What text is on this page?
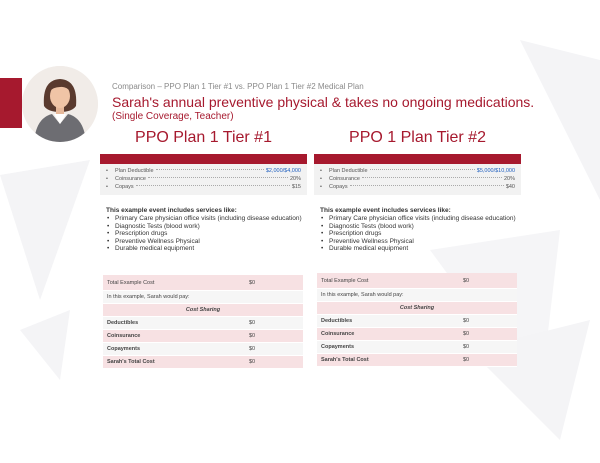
Comparison – PPO Plan 1 Tier #1 vs. PPO Plan 1 Tier #2 Medical Plan
Sarah's annual preventive physical & takes no ongoing medications.
(Single Coverage, Teacher)
PPO Plan 1 Tier #1
•	Plan Deductible	$2,000/$4,000
•	Coinsurance	20%
•	Copays	$15
This example event includes services like:
• Primary Care physician office visits (including disease education)
• Diagnostic Tests (blood work)
• Prescription drugs
• Preventive Wellness Physical
• Durable medical equipment
PPO 1 Plan Tier #2
•	Plan Deductible	$5,000/$10,000
•	Coinsurance	20%
•	Copays	$40
This example event includes services like:
• Primary Care physician office visits (including disease education)
• Diagnostic Tests (blood work)
• Prescription drugs
• Preventive Wellness Physical
• Durable medical equipment
Total Example Cost	$0
In this example, Sarah would pay:
Cost Sharing
Deductibles	$0
Coinsurance	$0
Copayments	$0
Sarah's Total Cost	$0
Total Example Cost	$0
In this example, Sarah would pay:
Cost Sharing
Deductibles	$0
Coinsurance	$0
Copayments	$0
Sarah's Total Cost	$0
